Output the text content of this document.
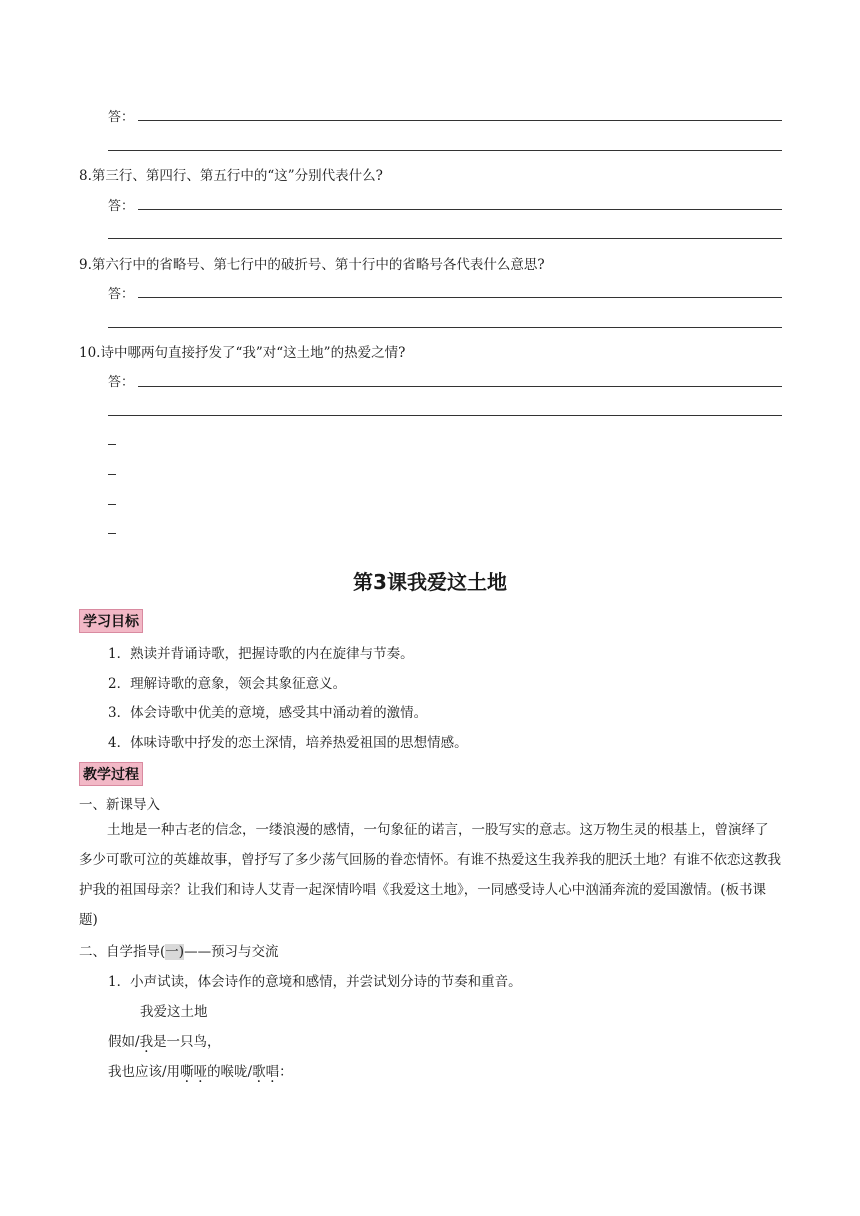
答：
8.第三行、第四行、第五行中的“这”分别代表什么?
答：
9.第六行中的省略号、第七行中的破折号、第十行中的省略号各代表什么意思?
答：
10.诗中哪两句直接抒发了“我”对“这土地”的热爱之情?
答：
第3课我爱这土地
学习目标
1．熟读并背诵诗歌，把握诗歌的内在旋律与节奏。
2．理解诗歌的意象，领会其象征意义。
3．体会诗歌中优美的意境，感受其中涌动着的激情。
4．体味诗歌中抒发的恋土深情，培养热爱祖国的思想情感。
教学过程
一、新课导入
土地是一种古老的信念，一缕浪漫的感情，一句象征的诺言，一股写实的意志。这万物生灵的根基上，曾演绎了多少可歌可泣的英雄故事，曾抒写了多少荡气回肠的眷恋情怀。有谁不热爱这生我养我的肥沃土地？有谁不依恋这教我护我的祖国母亲？让我们和诗人艾青一起深情吟唱《我爱这土地》，一同感受诗人心中汹涌奔流的爱国激情。(板书课题)
二、自学指导(一)——预习与交流
1．小声试读，体会诗作的意境和感情，并尝试划分诗的节奏和重音。
我爱这土地
假如/我是一只鸟，
我也应该/用嘶哑的喉咙/歌唱：
